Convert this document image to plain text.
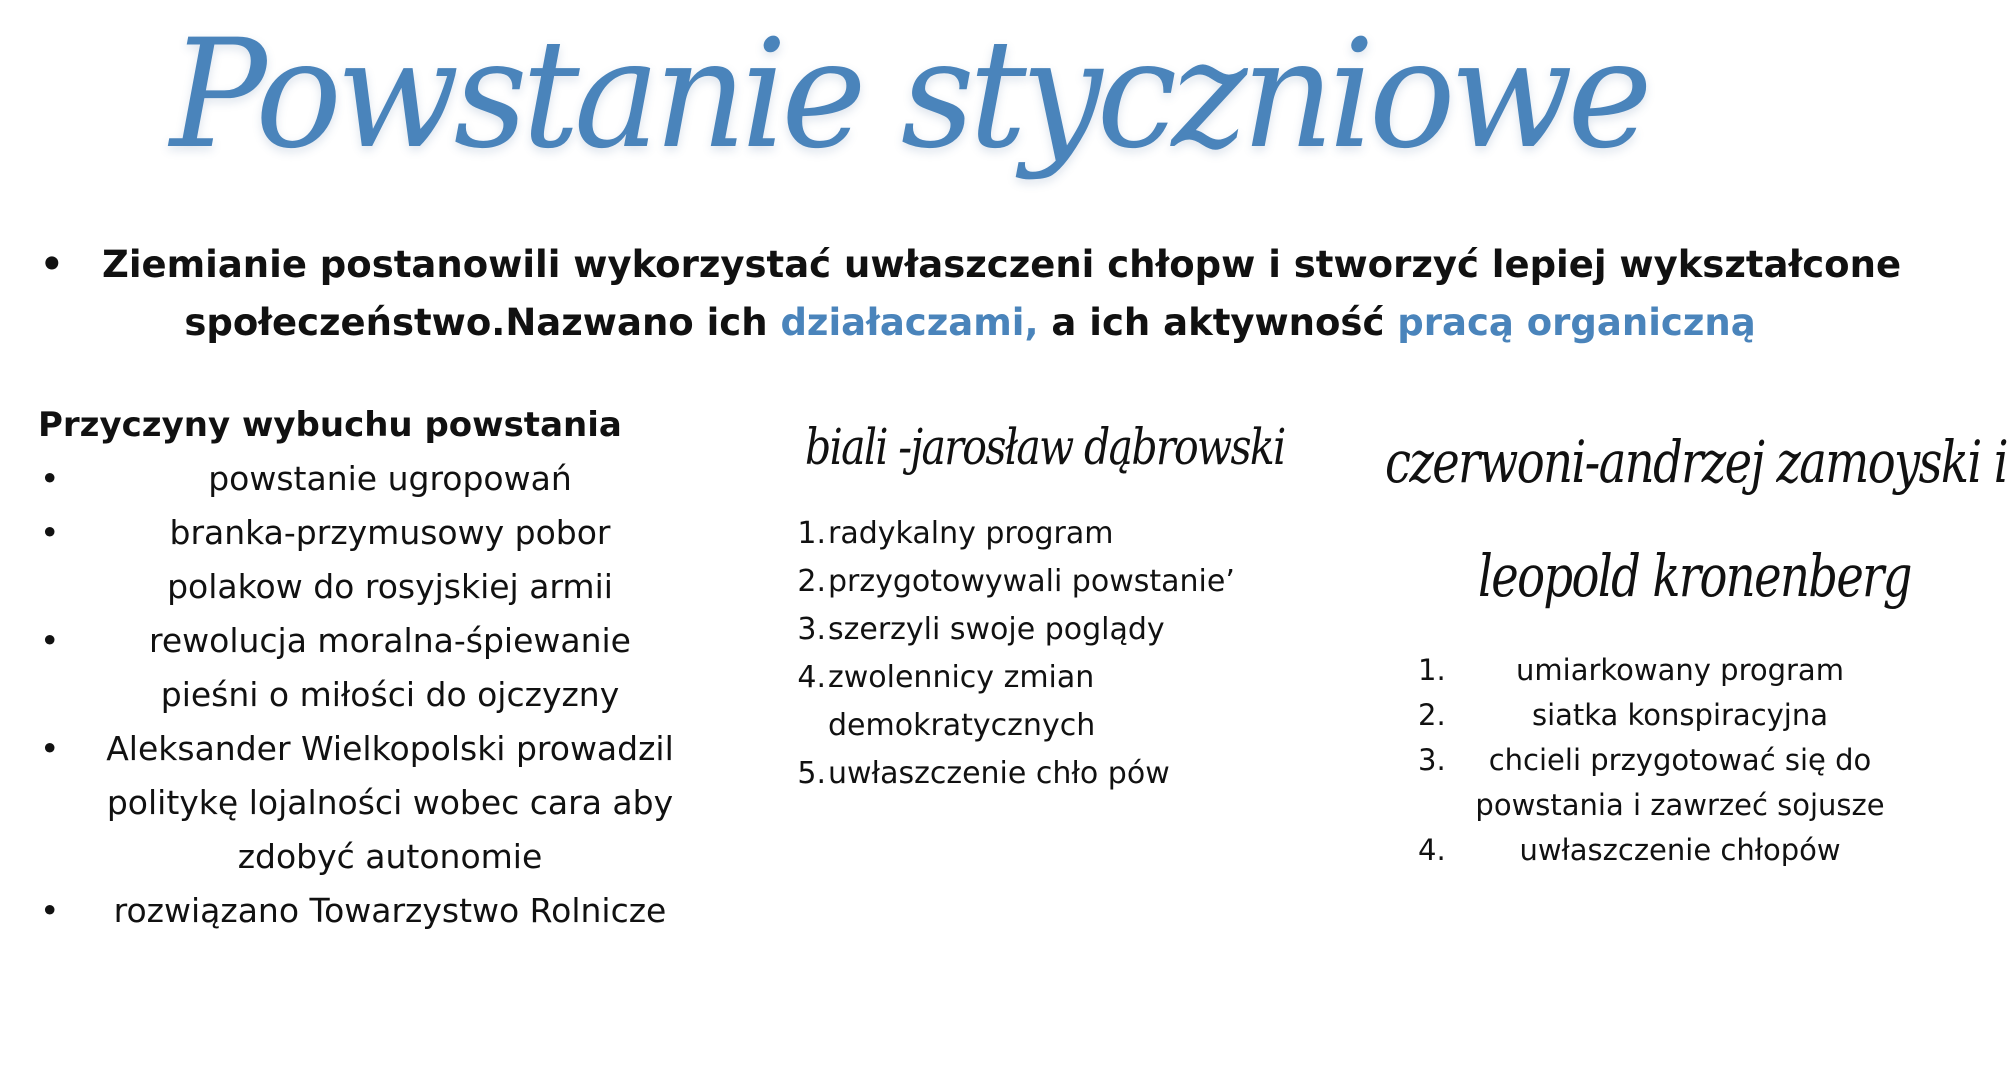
Powstanie styczniowe
• Ziemianie postanowili wykorzystać uwłaszczeni chłopw i stworzyć lepiej wykształcone
społeczeństwo.Nazwano ich działaczami, a ich aktywność pracą organiczną
Przyczyny wybuchu powstania
•	powstanie ugropowań
•	branka-przymusowy pobor polakow do rosyjskiej armii
•	rewolucja moralna-śpiewanie pieśni o miłości do ojczyzny
• Aleksander Wielkopolski prowadzil politykę lojalności wobec cara aby zdobyć autonomie
• rozwiązano Towarzystwo Rolnicze
biali -jarosław dąbrowski
1. radykalny program
2. przygotowywali powstanie’
3. szerzyli swoje poglądy
4. zwolennicy zmian demokratycznych
5. uwłaszczenie chło pów
czerwoni-andrzej zamoyski i
leopold kronenberg
1. umiarkowany program
2.	siatka konspiracyjna
3. chcieli przygotować się do powstania i zawrzeć sojusze
4.	uwłaszczenie chłopów
